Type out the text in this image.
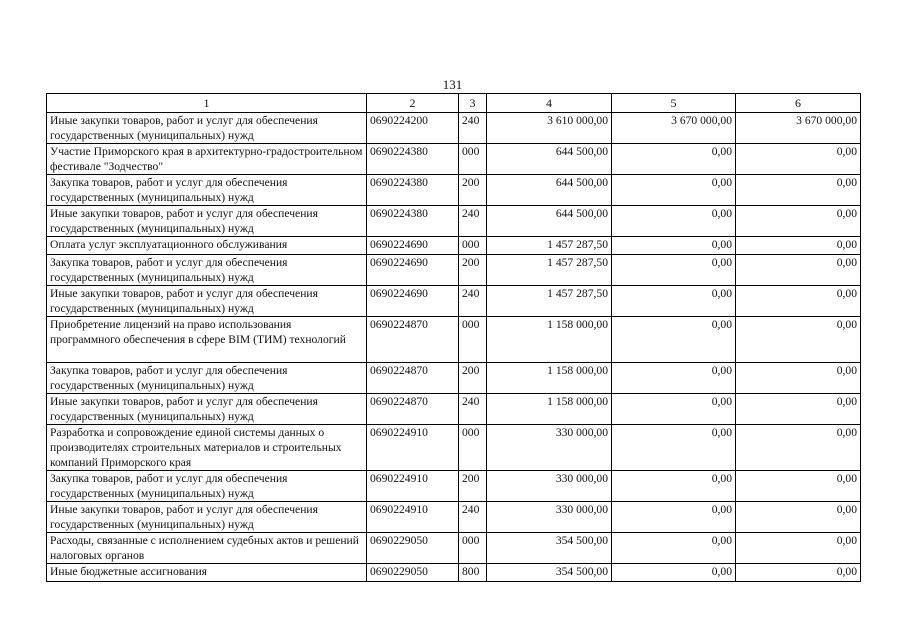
131
1	2	3	4	5	6
Иные закупки товаров, работ и услуг для обеспечения государственных (муниципальных) нужд	0690224200	240	3 610 000,00	3 670 000,00	3 670 000,00
Участие Приморского края в архитектурно-градостроительном фестивале "Зодчество"	0690224380	000	644 500,00	0,00	0,00
Закупка товаров, работ и услуг для обеспечения государственных (муниципальных) нужд	0690224380	200	644 500,00	0,00	0,00
Иные закупки товаров, работ и услуг для обеспечения государственных (муниципальных) нужд	0690224380	240	644 500,00	0,00	0,00
Оплата услуг эксплуатационного обслуживания	0690224690	000	1 457 287,50	0,00	0,00
Закупка товаров, работ и услуг для обеспечения государственных (муниципальных) нужд	0690224690	200	1 457 287,50	0,00	0,00
Иные закупки товаров, работ и услуг для обеспечения государственных (муниципальных) нужд	0690224690	240	1 457 287,50	0,00	0,00
Приобретение лицензий на право использования программного обеспечения в сфере BIM (ТИМ) технологий	0690224870	000	1 158 000,00	0,00	0,00
Закупка товаров, работ и услуг для обеспечения государственных (муниципальных) нужд	0690224870	200	1 158 000,00	0,00	0,00
Иные закупки товаров, работ и услуг для обеспечения государственных (муниципальных) нужд	0690224870	240	1 158 000,00	0,00	0,00
Разработка и сопровождение единой системы данных о производителях строительных материалов и строительных компаний Приморского края	0690224910	000	330 000,00	0,00	0,00
Закупка товаров, работ и услуг для обеспечения государственных (муниципальных) нужд	0690224910	200	330 000,00	0,00	0,00
Иные закупки товаров, работ и услуг для обеспечения государственных (муниципальных) нужд	0690224910	240	330 000,00	0,00	0,00
Расходы, связанные с исполнением судебных актов и решений налоговых органов	0690229050	000	354 500,00	0,00	0,00
Иные бюджетные ассигнования	0690229050	800	354 500,00	0,00	0,00
